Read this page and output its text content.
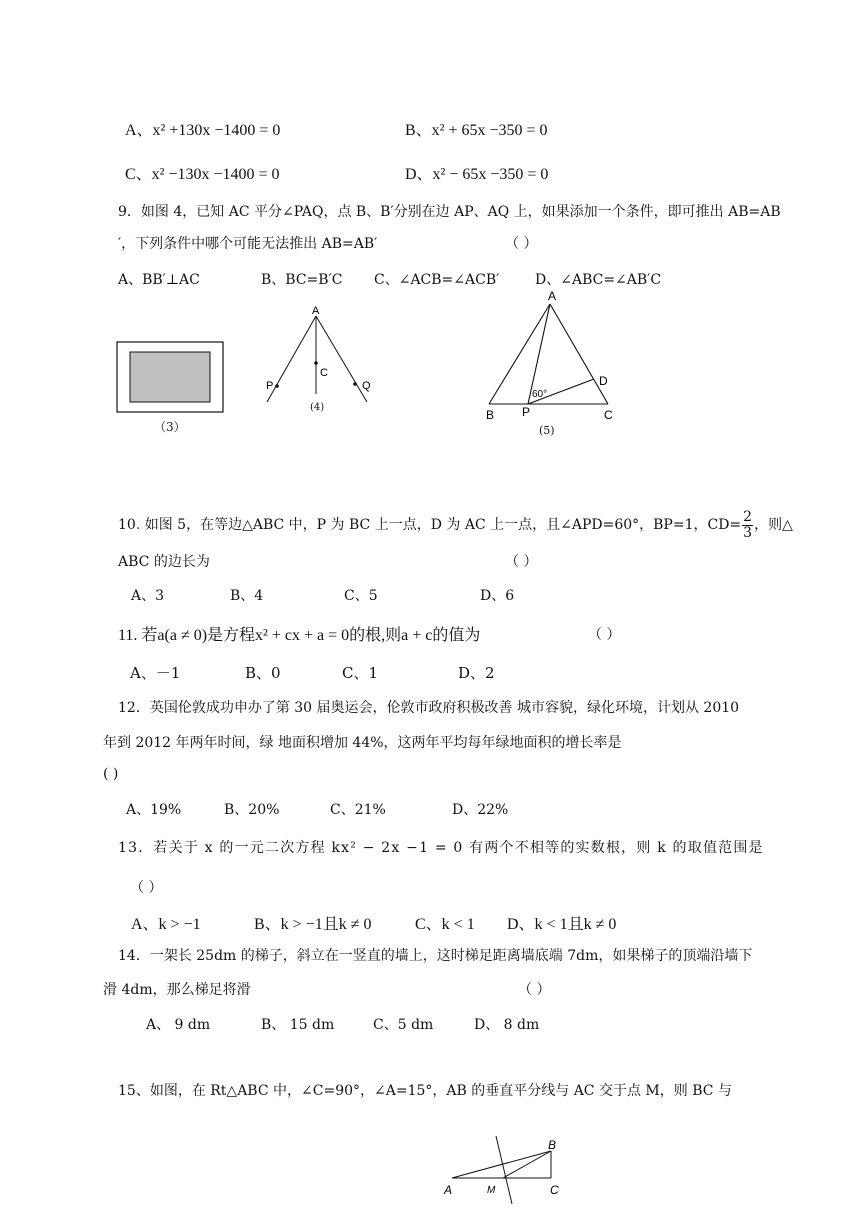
A、x² +130x −1400 = 0	B、x² + 65x −350 = 0
C、x² −130x −1400 = 0	D、x² − 65x −350 = 0
9．如图 4，已知 AC 平分∠PAQ，点 B、B′分别在边 AP、AQ 上，如果添加一个条件，即可推出 AB=AB
′，下列条件中哪个可能无法推出 AB=AB′	（ ）
A、BB′⊥AC	B、BC=B′C C、∠ACB=∠ACB′	D、∠ABC=∠AB′C
（3）
A
C
P	Q
(4)
A
B	C
D
P
60°
(5)
10. 如图 5，在等边△ABC 中，P 为 BC 上一点，D 为 AC 上一点，且∠APD=60°，BP=1，$CD= \frac{2}{3}$ ，则△
ABC 的边长为	（ ）
A、3	B、4	C、5	D、6
11. 若a(a ≠ 0)是方程x² + cx + a = 0的根,则a + c的值为	（ ）
A、－1	B、0	C、1	D、2
12．英国伦敦成功申办了第 30 届奥运会，伦敦市政府积极改善 城市容貌，绿化环境，计划从 2010
年到 2012 年两年时间，绿 地面积增加 44%，这两年平均每年绿地面积的增长率是
( )
A、19%	B、20%	C、21%	D、22%
13．若关于 x 的一元二次方程 kx² − 2x −1 = 0 有两个不相等的实数根，则 k 的取值范围是
（ ）
A、k > −1	B、k > −1且k ≠ 0	C、k < 1 D、k < 1且k ≠ 0
14．一架长 25dm 的梯子，斜立在一竖直的墙上，这时梯足距离墙底端 7dm，如果梯子的顶端沿墙下
滑 4dm，那么梯足将滑	（ ）
A、 9 dm	B、 15 dm	C、5 dm	D、 8 dm
15、如图，在 Rt△ABC 中，∠C=90°，∠A=15°，AB 的垂直平分线与 AC 交于点 M，则 BC 与
A
B
C
M
